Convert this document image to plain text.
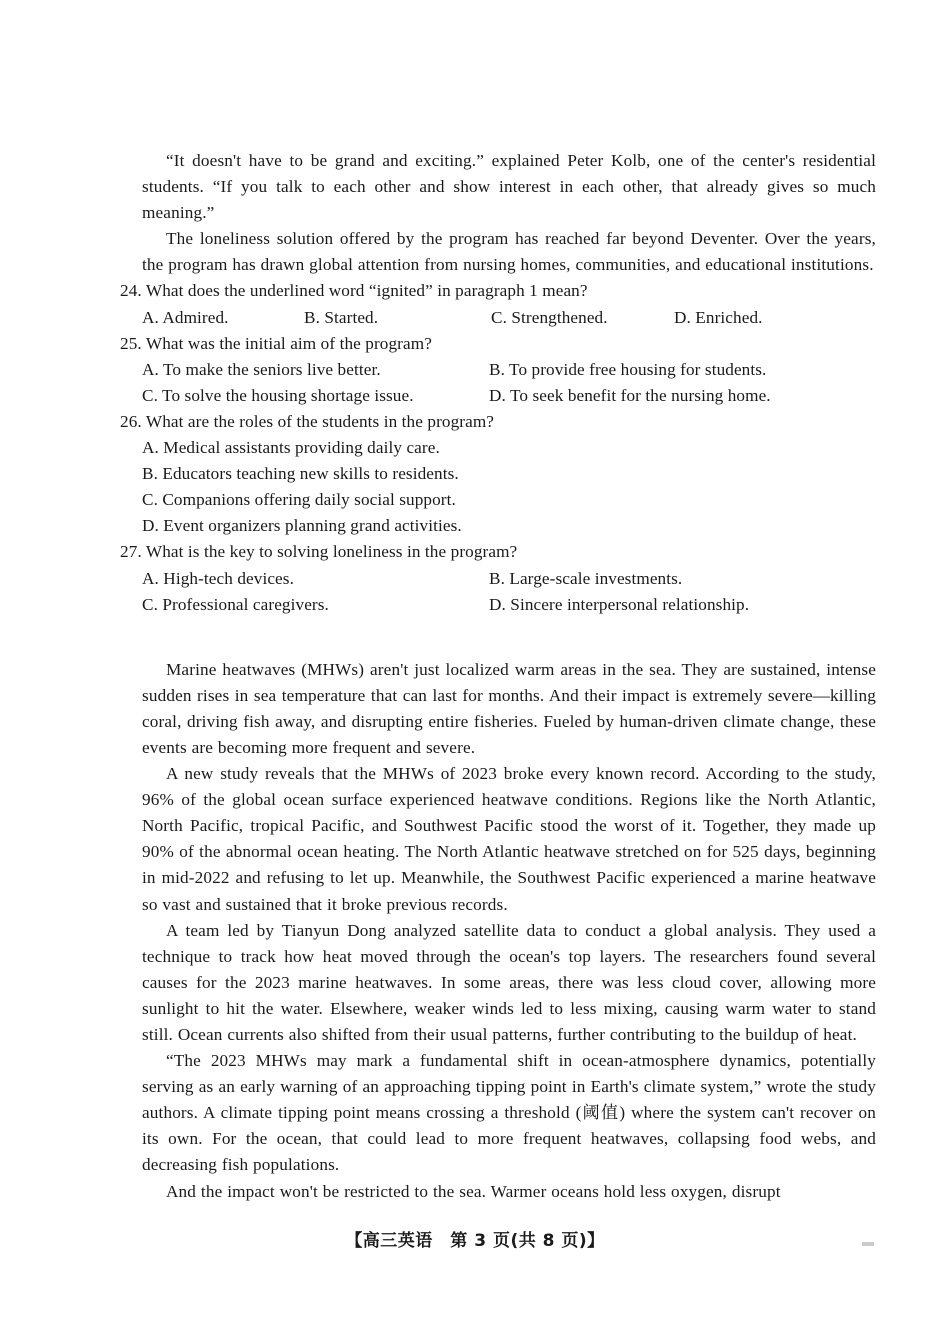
“It doesn't have to be grand and exciting.” explained Peter Kolb, one of the center's residential students. “If you talk to each other and show interest in each other, that already gives so much meaning.”

The loneliness solution offered by the program has reached far beyond Deventer. Over the years, the program has drawn global attention from nursing homes, communities, and educational institutions.

24. What does the underlined word “ignited” in paragraph 1 mean?

A. Admired.	B. Started.	C. Strengthened.	D. Enriched.

25. What was the initial aim of the program?

A. To make the seniors live better.	B. To provide free housing for students.
C. To solve the housing shortage issue.	D. To seek benefit for the nursing home.

26. What are the roles of the students in the program?

A. Medical assistants providing daily care.
B. Educators teaching new skills to residents.
C. Companions offering daily social support.
D. Event organizers planning grand activities.

27. What is the key to solving loneliness in the program?

A. High-tech devices.	B. Large-scale investments.
C. Professional caregivers.	D. Sincere interpersonal relationship.

Marine heatwaves (MHWs) aren't just localized warm areas in the sea. They are sustained, intense sudden rises in sea temperature that can last for months. And their impact is extremely severe—killing coral, driving fish away, and disrupting entire fisheries. Fueled by human-driven climate change, these events are becoming more frequent and severe.

A new study reveals that the MHWs of 2023 broke every known record. According to the study, 96% of the global ocean surface experienced heatwave conditions. Regions like the North Atlantic, North Pacific, tropical Pacific, and Southwest Pacific stood the worst of it. Together, they made up 90% of the abnormal ocean heating. The North Atlantic heatwave stretched on for 525 days, beginning in mid-2022 and refusing to let up. Meanwhile, the Southwest Pacific experienced a marine heatwave so vast and sustained that it broke previous records.

A team led by Tianyun Dong analyzed satellite data to conduct a global analysis. They used a technique to track how heat moved through the ocean's top layers. The researchers found several causes for the 2023 marine heatwaves. In some areas, there was less cloud cover, allowing more sunlight to hit the water. Elsewhere, weaker winds led to less mixing, causing warm water to stand still. Ocean currents also shifted from their usual patterns, further contributing to the buildup of heat.

“The 2023 MHWs may mark a fundamental shift in ocean-atmosphere dynamics, potentially serving as an early warning of an approaching tipping point in Earth's climate system,” wrote the study authors. A climate tipping point means crossing a threshold (阈值) where the system can't recover on its own. For the ocean, that could lead to more frequent heatwaves, collapsing food webs, and decreasing fish populations.

And the impact won't be restricted to the sea. Warmer oceans hold less oxygen, disrupt

【高三英语　第 3 页(共 8 页)】
